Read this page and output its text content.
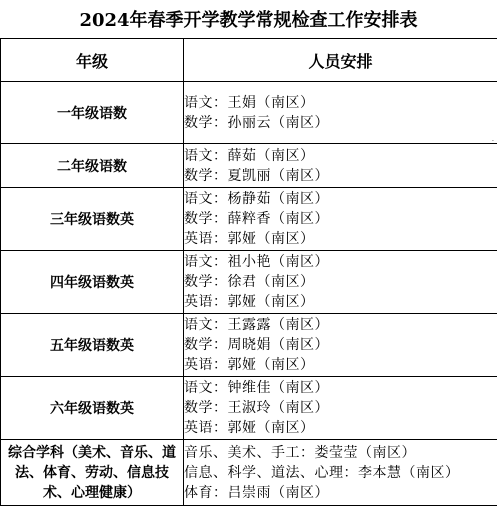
2024年春季开学教学常规检查工作安排表
年级	人员安排
一年级语数	语文：王娟（南区）
数学：孙丽云（南区）

二年级语数	语文：薛茹（南区）
数学：夏凯丽（南区）

三年级语数英	语文：杨静茹（南区）
数学：薛粹香（南区）
英语：郭娅（南区）

四年级语数英	语文：祖小艳（南区）
数学：徐君（南区）
英语：郭娅（南区）

五年级语数英	语文：王露露（南区）
数学：周晓娟（南区）
英语：郭娅（南区）

六年级语数英	语文：钟维佳（南区）
数学：王淑玲（南区）
英语：郭娅（南区）

综合学科（美术、音乐、道法、体育、劳动、信息技术、心理健康）	音乐、美术、手工：娄莹莹（南区）
信息、科学、道法、心理：李本慧（南区）
体育：吕崇雨（南区）
·
